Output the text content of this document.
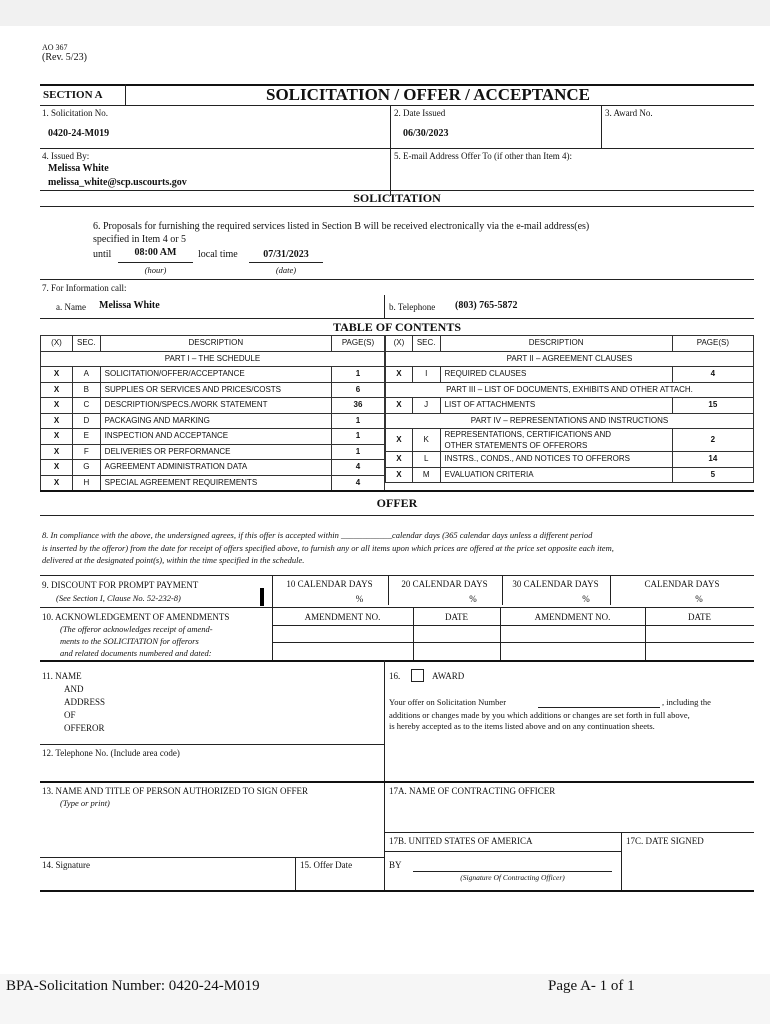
AO 367
(Rev. 5/23)
SECTION A	SOLICITATION / OFFER / ACCEPTANCE
1. Solicitation No.
0420-24-M019
2. Date Issued
06/30/2023
3. Award No.
4. Issued By:
Melissa White
melissa_white@scp.uscourts.gov
5. E-mail Address Offer To (if other than Item 4):
SOLICITATION
6. Proposals for furnishing the required services listed in Section B will be received electronically via the e-mail address(es)
specified in Item 4 or 5
until	08:00 AM	local time	07/31/2023
(hour)	(date)
7. For Information call:
a. Name Melissa White	b. Telephone (803) 765-5872
TABLE OF CONTENTS
(X)	SEC.	DESCRIPTION	PAGE(S)
PART I – THE SCHEDULE			
X	A	SOLICITATION/OFFER/ACCEPTANCE	1
X	B	SUPPLIES OR SERVICES AND PRICES/COSTS	6
X	C	DESCRIPTION/SPECS./WORK STATEMENT	36
X	D	PACKAGING AND MARKING	1
X	E	INSPECTION AND ACCEPTANCE	1
X	F	DELIVERIES OR PERFORMANCE	1
X	G	AGREEMENT ADMINISTRATION DATA	4
X	H	SPECIAL AGREEMENT REQUIREMENTS	4
(X)	SEC.	DESCRIPTION	PAGE(S)
PART II – AGREEMENT CLAUSES			
X	I	REQUIRED CLAUSES	4
PART III – LIST OF DOCUMENTS, EXHIBITS AND OTHER ATTACH.			
X	J	LIST OF ATTACHMENTS	15
PART IV – REPRESENTATIONS AND INSTRUCTIONS			
X	K	REPRESENTATIONS, CERTIFICATIONS AND
OTHER STATEMENTS OF OFFERORS	2

X	L	INSTRS., CONDS., AND NOTICES TO OFFERORS	14
X	M	EVALUATION CRITERIA	5
OFFER
8. In compliance with the above, the undersigned agrees, if this offer is accepted within ____________calendar days (365 calendar days unless a different period
is inserted by the offeror) from the date for receipt of offers specified above, to furnish any or all items upon which prices are offered at the price set opposite each item,
delivered at the designated point(s), within the time specified in the schedule.
9. DISCOUNT FOR PROMPT PAYMENT
(See Section I, Clause No. 52-232-8)
10 CALENDAR DAYS
%
20 CALENDAR DAYS
%
30 CALENDAR DAYS
%
CALENDAR DAYS
%
10. ACKNOWLEDGEMENT OF AMENDMENTS
(The offeror acknowledges receipt of amend-
ments to the SOLICITATION for offerors
and related documents numbered and dated:
AMENDMENT NO.	DATE	AMENDMENT NO.	DATE
11. NAME
AND
ADDRESS
OF
OFFEROR
16.	AWARD
Your offer on Solicitation Number	, including the
additions or changes made by you which additions or changes are set forth in full above,
is hereby accepted as to the items listed above and on any continuation sheets.
12. Telephone No. (Include area code)
13. NAME AND TITLE OF PERSON AUTHORIZED TO SIGN OFFER
(Type or print)
17A. NAME OF CONTRACTING OFFICER
17B. UNITED STATES OF AMERICA	17C. DATE SIGNED
14. Signature	15. Offer Date	BY
(Signature Of Contracting Officer)
BPA-Solicitation Number: 0420-24-M019	Page A- 1 of 1
